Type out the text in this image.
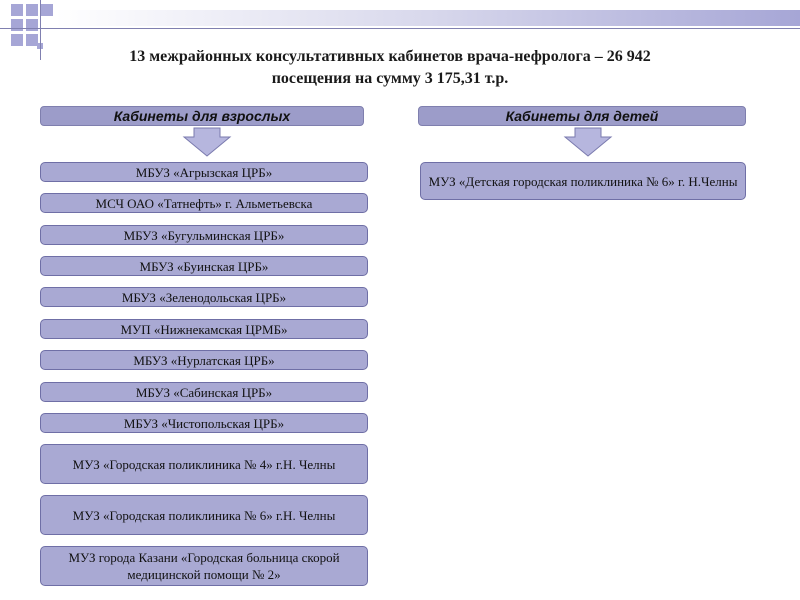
13 межрайонных консультативных кабинетов врача-нефролога – 26 942
посещения на сумму 3 175,31 т.р.
Кабинеты для взрослых	Кабинеты для детей
МБУЗ «Агрызская ЦРБ»
МСЧ ОАО «Татнефть» г. Альметьевска
МБУЗ «Бугульминская ЦРБ»
МБУЗ «Буинская ЦРБ»
МБУЗ «Зеленодольская ЦРБ»
МУП «Нижнекамская ЦРМБ»
МБУЗ «Нурлатская ЦРБ»
МБУЗ «Сабинская ЦРБ»
МБУЗ «Чистопольская ЦРБ»
МУЗ «Городская поликлиника № 4» г.Н. Челны
МУЗ «Городская поликлиника № 6» г.Н. Челны
МУЗ города Казани «Городская больница скорой медицинской помощи № 2»
МУЗ «Детская городская поликлиника № 6» г. Н.Челны
